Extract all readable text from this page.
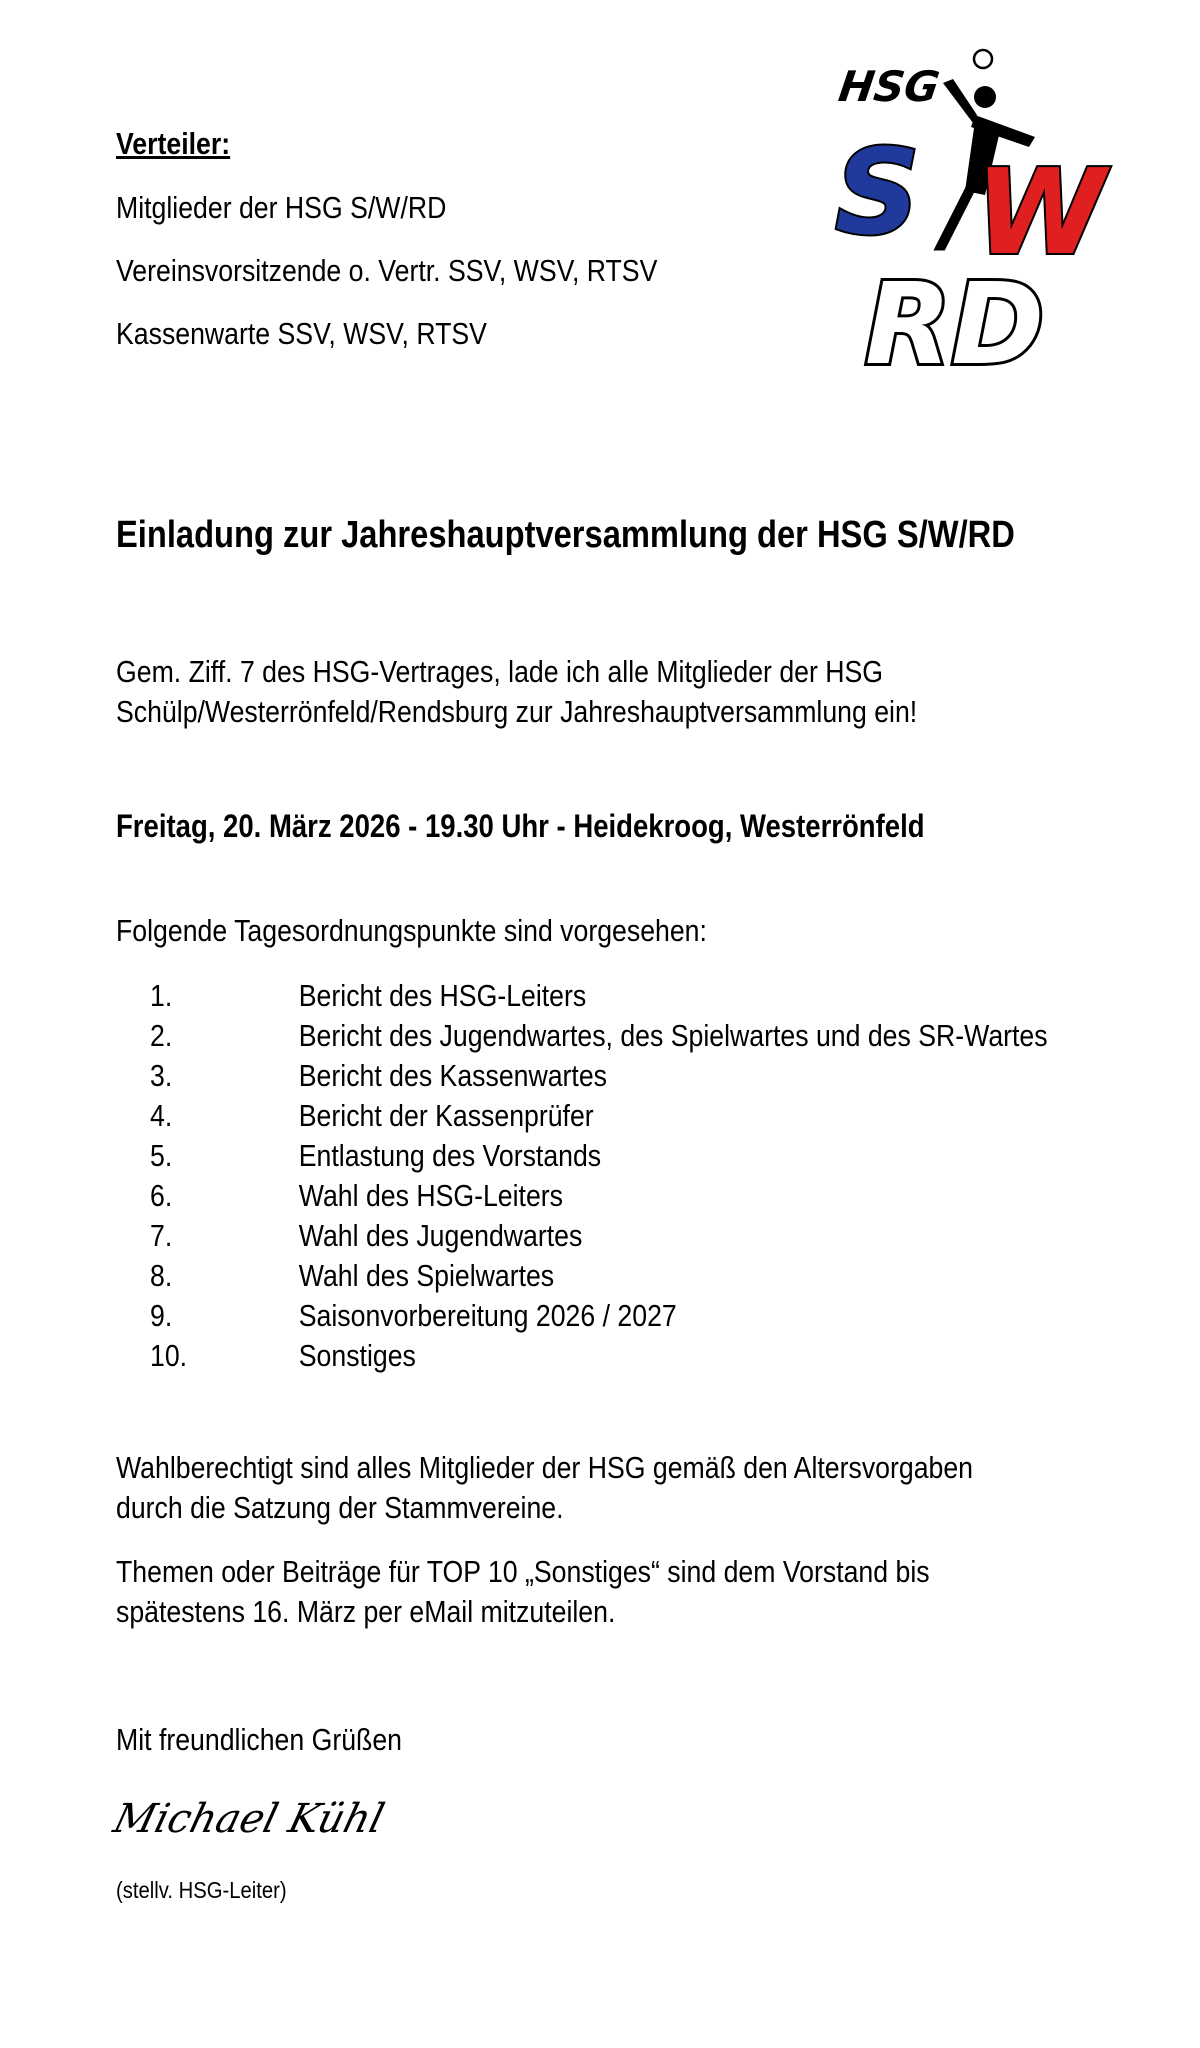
HSG
S /
W
RD
Verteiler:
Mitglieder der HSG S/W/RD
Vereinsvorsitzende o. Vertr. SSV, WSV, RTSV
Kassenwarte SSV, WSV, RTSV
Einladung zur Jahreshauptversammlung der HSG S/W/RD
Gem. Ziff. 7 des HSG-Vertrages, lade ich alle Mitglieder der HSG
Schülp/Westerrönfeld/Rendsburg zur Jahreshauptversammlung ein!
Freitag, 20. März 2026 - 19.30 Uhr - Heidekroog, Westerrönfeld
Folgende Tagesordnungspunkte sind vorgesehen:
1.	Bericht des HSG-Leiters
2.	Bericht des Jugendwartes, des Spielwartes und des SR-Wartes
3.	Bericht des Kassenwartes
4.	Bericht der Kassenprüfer
5.	Entlastung des Vorstands
6.	Wahl des HSG-Leiters
7.	Wahl des Jugendwartes
8.	Wahl des Spielwartes
9.	Saisonvorbereitung 2026 / 2027
10.	Sonstiges
Wahlberechtigt sind alles Mitglieder der HSG gemäß den Altersvorgaben
durch die Satzung der Stammvereine.
Themen oder Beiträge für TOP 10 „Sonstiges“ sind dem Vorstand bis
spätestens 16. März per eMail mitzuteilen.
Mit freundlichen Grüßen
Michael Kühl
(stellv. HSG-Leiter)
